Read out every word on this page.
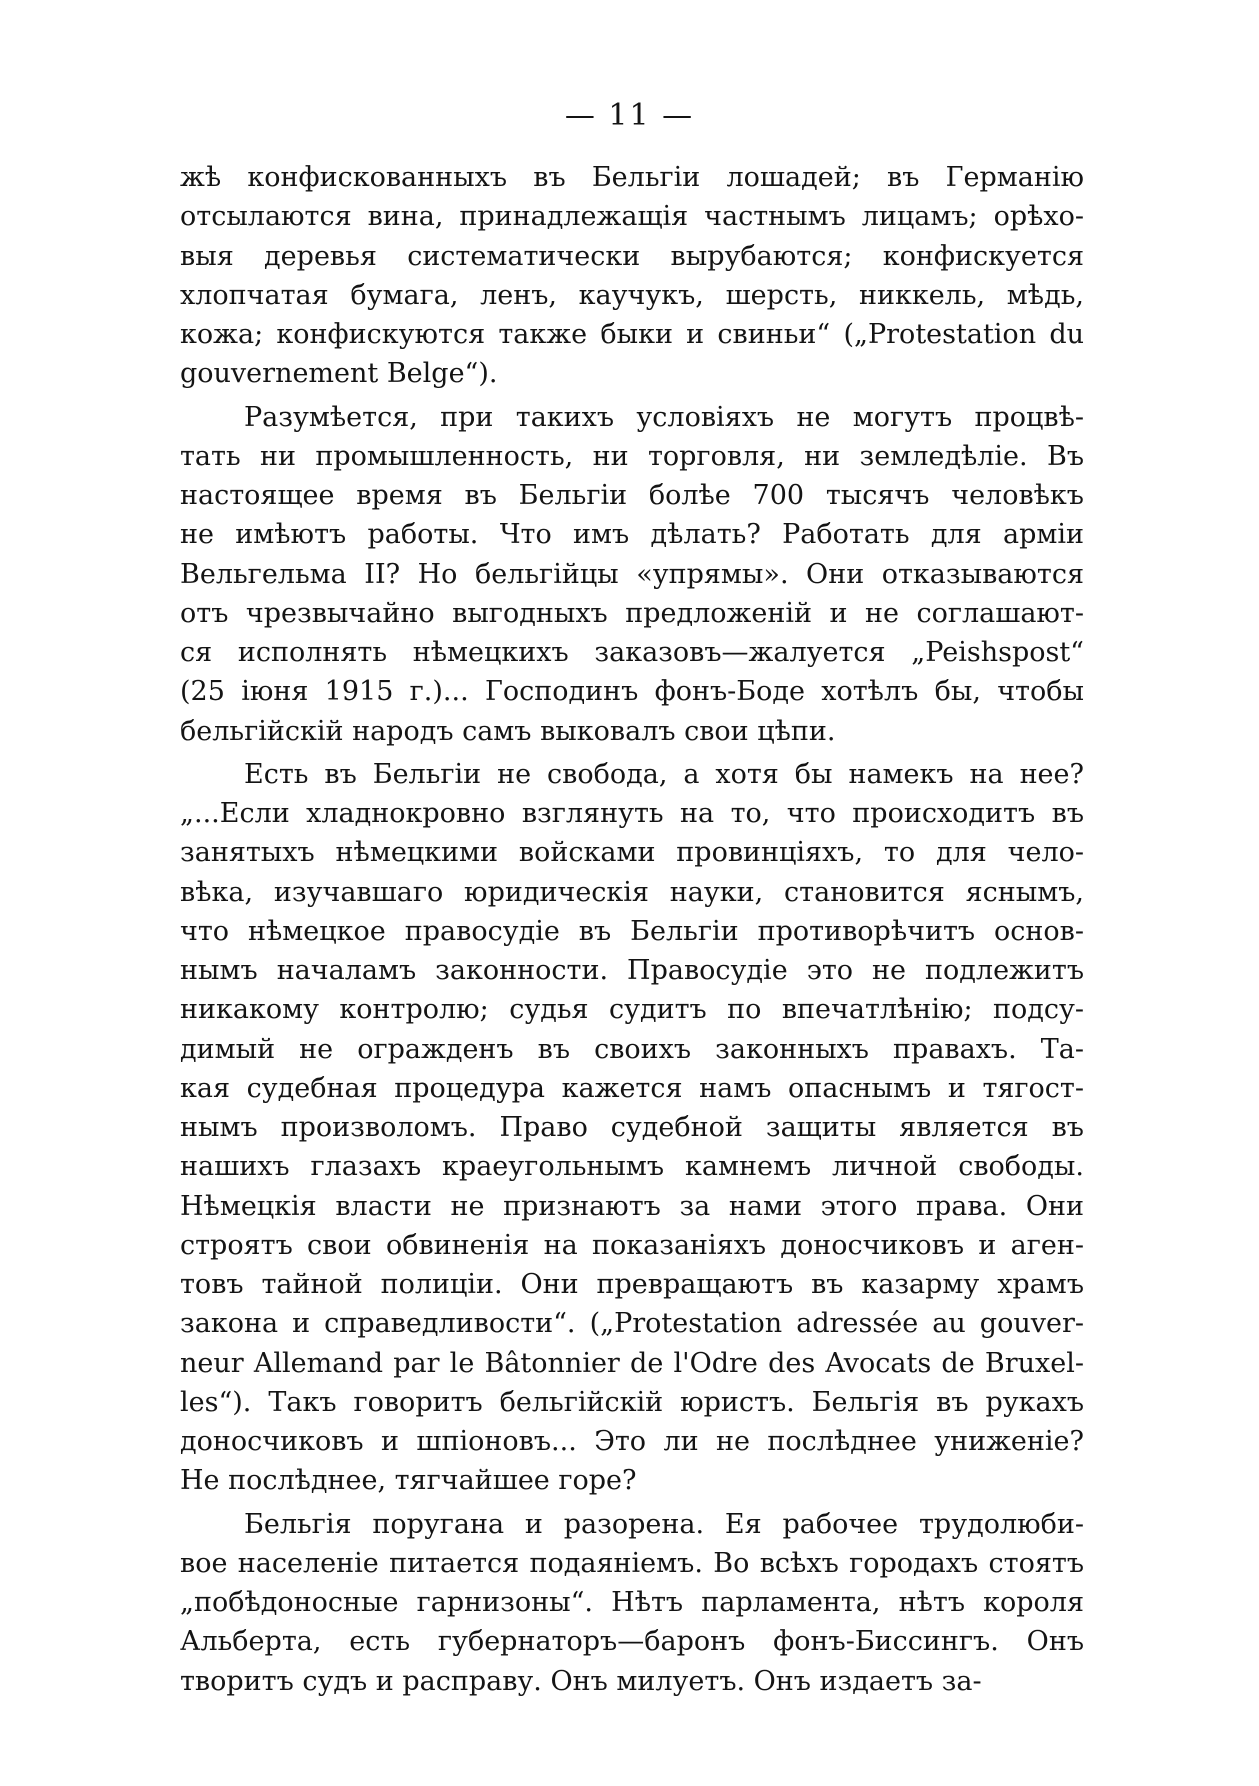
— 11 —
жѣ конфискованныхъ въ Бельгіи лошадей; въ Германію
отсылаются вина, принадлежащія частнымъ лицамъ; орѣхо-
выя деревья систематически вырубаются; конфискуется
хлопчатая бумага, ленъ, каучукъ, шерсть, никкель, мѣдь,
кожа; конфискуются также быки и свиньи“ („Protestation du
gouvernement Belge“).
Разумѣется, при такихъ условіяхъ не могутъ процвѣ-
тать ни промышленность, ни торговля, ни земледѣліе. Въ
настоящее время въ Бельгіи болѣе 700 тысячъ человѣкъ
не имѣютъ работы. Что имъ дѣлать? Работать для арміи
Вельгельма II? Но бельгійцы «упрямы». Они отказываются
отъ чрезвычайно выгодныхъ предложеній и не соглашают-
ся исполнять нѣмецкихъ заказовъ—жалуется „Peishspost“
(25 іюня 1915 г.)... Господинъ фонъ-Боде хотѣлъ бы, чтобы
бельгійскій народъ самъ выковалъ свои цѣпи.
Есть въ Бельгіи не свобода, а хотя бы намекъ на нее?
„...Если хладнокровно взглянуть на то, что происходитъ въ
занятыхъ нѣмецкими войсками провинціяхъ, то для чело-
вѣка, изучавшаго юридическія науки, становится яснымъ,
что нѣмецкое правосудіе въ Бельгіи противорѣчитъ основ-
нымъ началамъ законности. Правосудіе это не подлежитъ
никакому контролю; судья судитъ по впечатлѣнію; подсу-
димый не огражденъ въ своихъ законныхъ правахъ. Та-
кая судебная процедура кажется намъ опаснымъ и тягост-
нымъ произволомъ. Право судебной защиты является въ
нашихъ глазахъ краеугольнымъ камнемъ личной свободы.
Нѣмецкія власти не признаютъ за нами этого права. Они
строятъ свои обвиненія на показаніяхъ доносчиковъ и аген-
товъ тайной полиціи. Они превращаютъ въ казарму храмъ
закона и справедливости“. („Protestation adressée au gouver-
neur Allemand par le Bâtonnier de l'Odre des Avocats de Bruxel-
les“). Такъ говоритъ бельгійскій юристъ. Бельгія въ рукахъ
доносчиковъ и шпіоновъ... Это ли не послѣднее униженіе?
Не послѣднее, тягчайшее горе?
Бельгія поругана и разорена. Ея рабочее трудолюби-
вое населеніе питается подаяніемъ. Во всѣхъ городахъ стоятъ
„побѣдоносные гарнизоны“. Нѣтъ парламента, нѣтъ короля
Альберта, есть губернаторъ—баронъ фонъ-Биссингъ. Онъ
творитъ судъ и расправу. Онъ милуетъ. Онъ издаетъ за-
